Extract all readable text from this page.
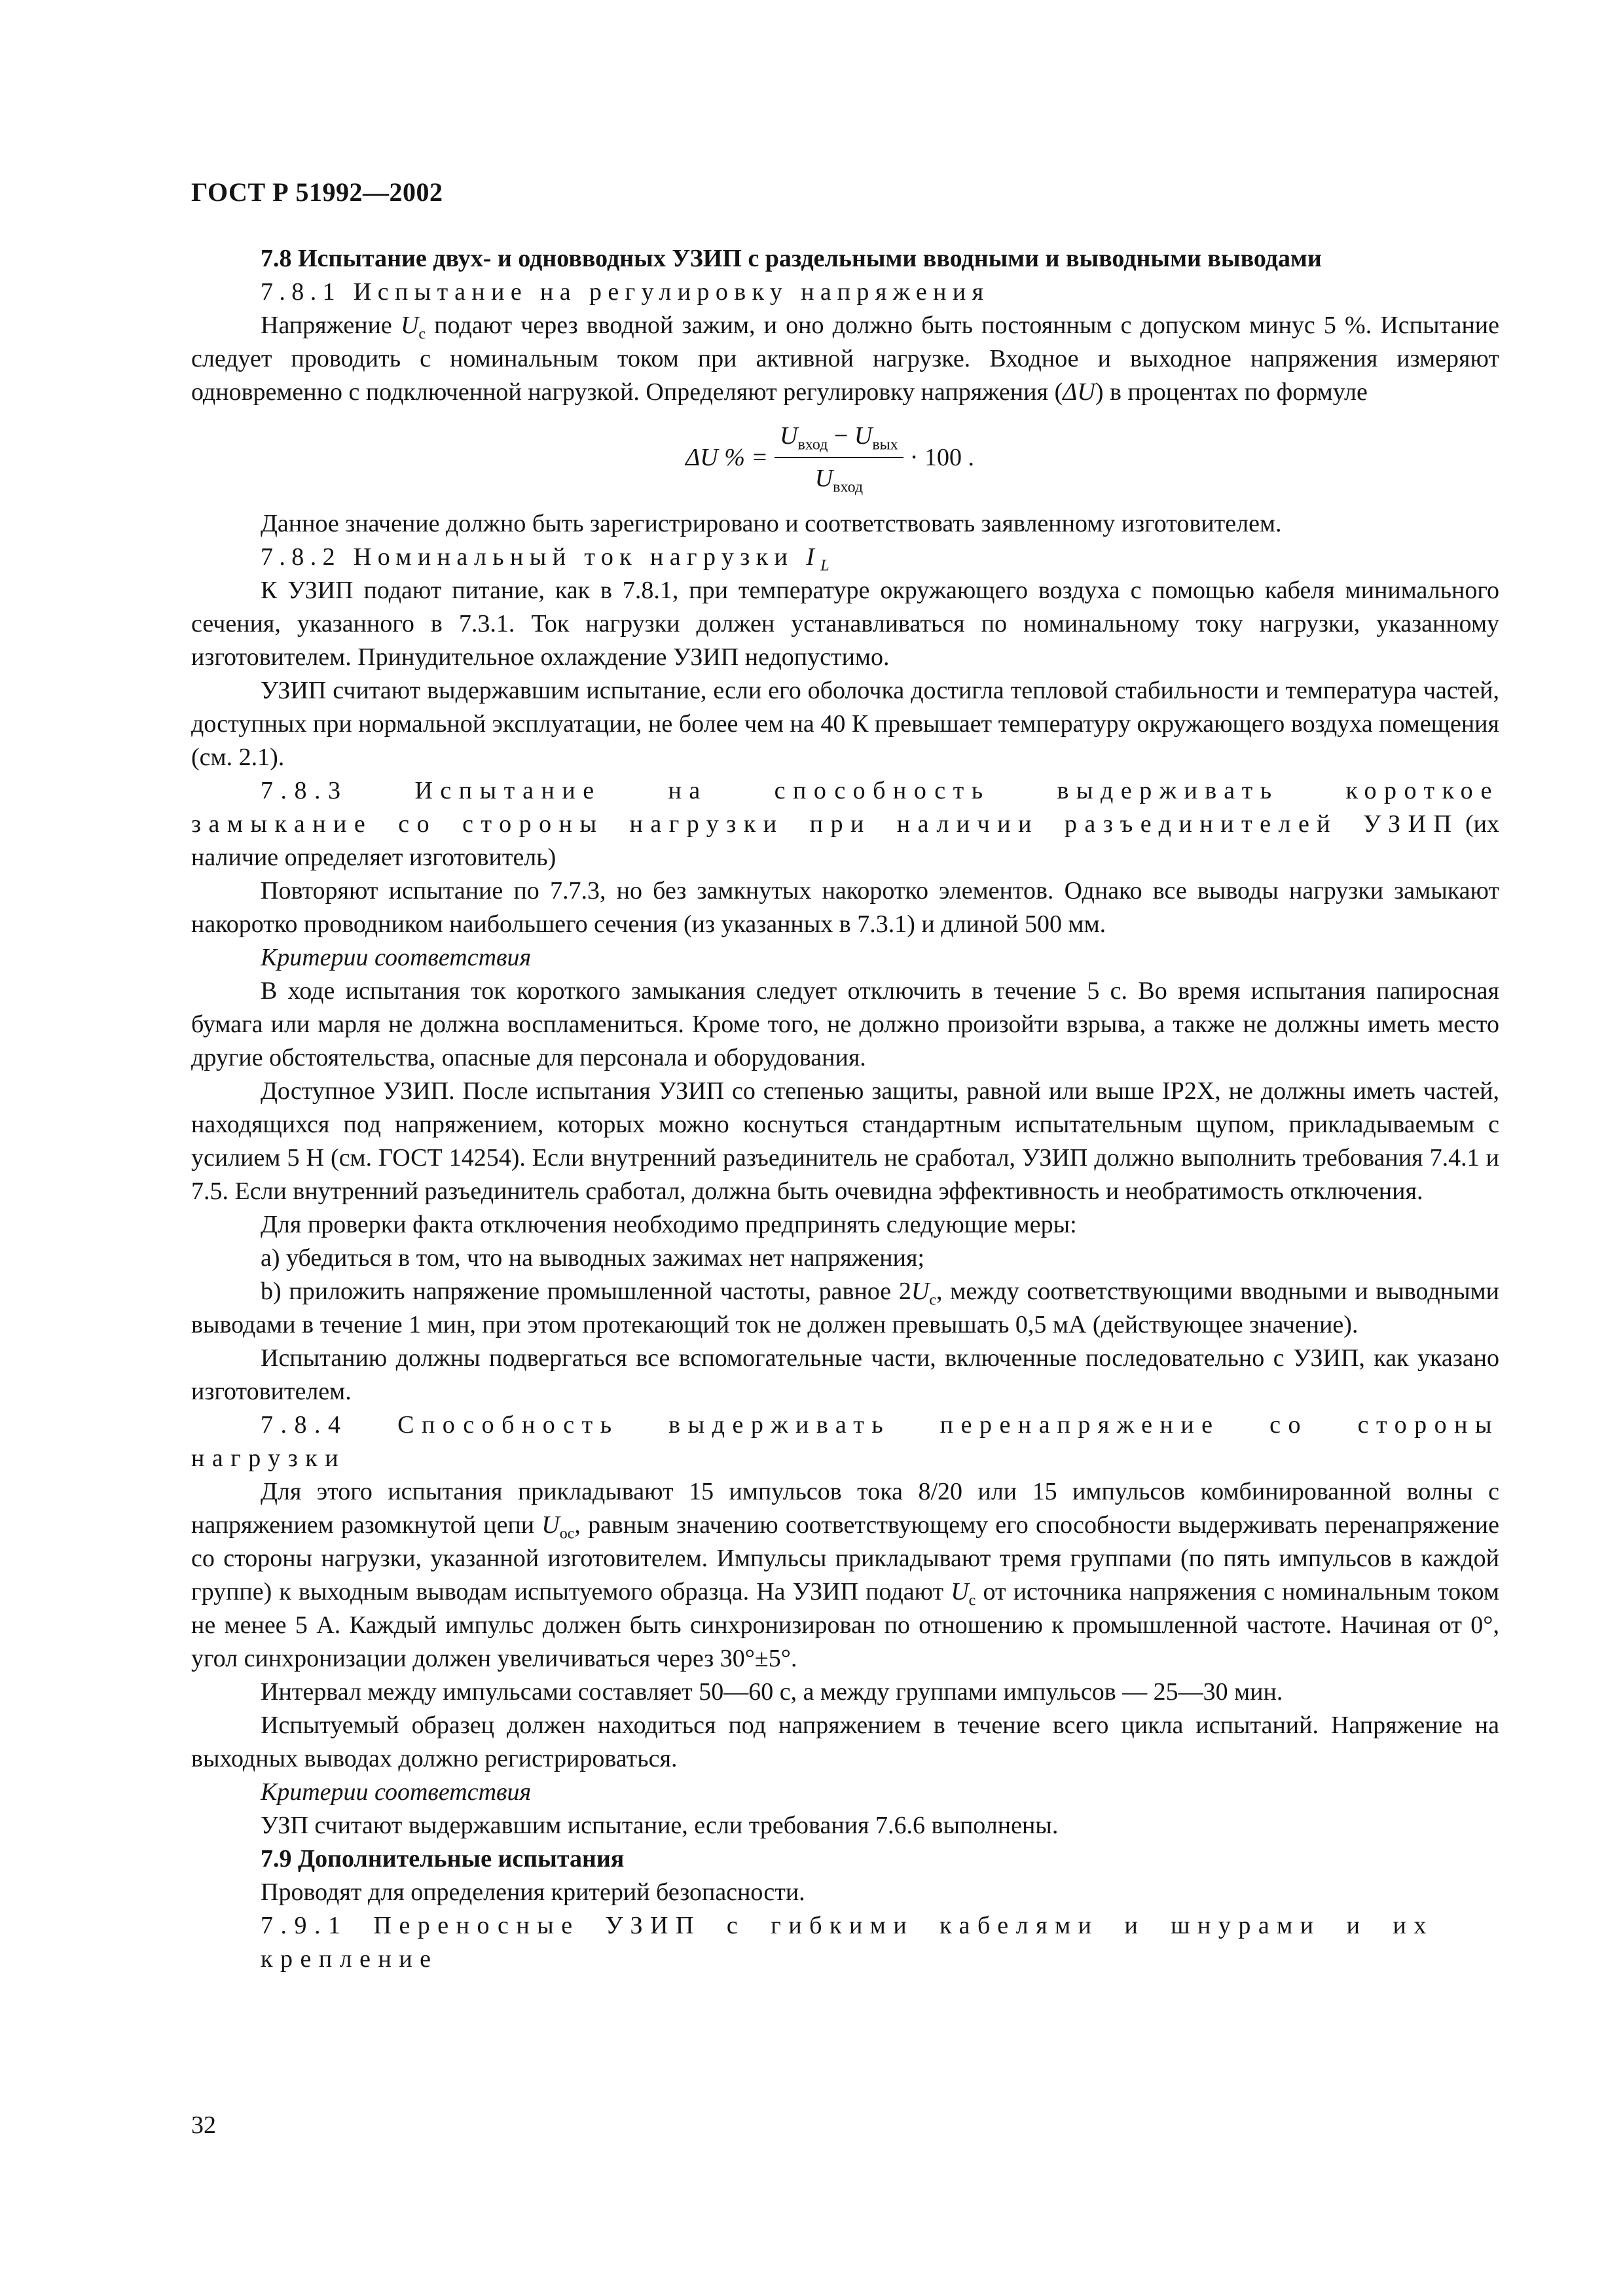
ГОСТ Р 51992—2002

7.8 Испытание двух- и одновводных УЗИП с раздельными вводными и выводными выводами

7.8.1 Испытание на регулировку напряжения

Напряжение $U_c$ подают через вводной зажим, и оно должно быть постоянным с допуском минус 5 %. Испытание следует проводить с номинальным током при активной нагрузке. Входное и выходное напряжения измеряют одновременно с подключенной нагрузкой. Определяют регулировку напряжения (ΔU) в процентах по формуле

ΔU % = $\frac{U_{вход} - U_{вых}}{U_{вход}} \cdot 100$ .

Данное значение должно быть зарегистрировано и соответствовать заявленному изготовителем.

7.8.2 Номинальный ток нагрузки $I_L$

К УЗИП подают питание, как в 7.8.1, при температуре окружающего воздуха с помощью кабеля минимального сечения, указанного в 7.3.1. Ток нагрузки должен устанавливаться по номинальному току нагрузки, указанному изготовителем. Принудительное охлаждение УЗИП недопустимо.

УЗИП считают выдержавшим испытание, если его оболочка достигла тепловой стабильности и температура частей, доступных при нормальной эксплуатации, не более чем на 40 К превышает температуру окружающего воздуха помещения (см. 2.1).

7.8.3 Испытание на способность выдерживать короткое замыкание со стороны нагрузки при наличии разъединителей УЗИП (их наличие определяет изготовитель)

Повторяют испытание по 7.7.3, но без замкнутых накоротко элементов. Однако все выводы нагрузки замыкают накоротко проводником наибольшего сечения (из указанных в 7.3.1) и длиной 500 мм.

Критерии соответствия

В ходе испытания ток короткого замыкания следует отключить в течение 5 с. Во время испытания папиросная бумага или марля не должна воспламениться. Кроме того, не должно произойти взрыва, а также не должны иметь место другие обстоятельства, опасные для персонала и оборудования.

Доступное УЗИП. После испытания УЗИП со степенью защиты, равной или выше IP2X, не должны иметь частей, находящихся под напряжением, которых можно коснуться стандартным испытательным щупом, прикладываемым с усилием 5 Н (см. ГОСТ 14254). Если внутренний разъединитель не сработал, УЗИП должно выполнить требования 7.4.1 и 7.5. Если внутренний разъединитель сработал, должна быть очевидна эффективность и необратимость отключения.

Для проверки факта отключения необходимо предпринять следующие меры:

а) убедиться в том, что на выводных зажимах нет напряжения;

b) приложить напряжение промышленной частоты, равное $2U_c$, между соответствующими вводными и выводными выводами в течение 1 мин, при этом протекающий ток не должен превышать 0,5 мА (действующее значение).

Испытанию должны подвергаться все вспомогательные части, включенные последовательно с УЗИП, как указано изготовителем.

7.8.4 Способность выдерживать перенапряжение со стороны нагрузки

Для этого испытания прикладывают 15 импульсов тока 8/20 или 15 импульсов комбинированной волны с напряжением разомкнутой цепи $U_{oc}$, равным значению соответствующему его способности выдерживать перенапряжение со стороны нагрузки, указанной изготовителем. Импульсы прикладывают тремя группами (по пять импульсов в каждой группе) к выходным выводам испытуемого образца. На УЗИП подают $U_c$ от источника напряжения с номинальным током не менее 5 А. Каждый импульс должен быть синхронизирован по отношению к промышленной частоте. Начиная от 0°, угол синхронизации должен увеличиваться через 30°±5°.

Интервал между импульсами составляет 50—60 с, а между группами импульсов — 25—30 мин.

Испытуемый образец должен находиться под напряжением в течение всего цикла испытаний. Напряжение на выходных выводах должно регистрироваться.

Критерии соответствия

УЗП считают выдержавшим испытание, если требования 7.6.6 выполнены.

7.9 Дополнительные испытания

Проводят для определения критерий безопасности.

7.9.1 Переносные УЗИП с гибкими кабелями и шнурами и их крепление

32
